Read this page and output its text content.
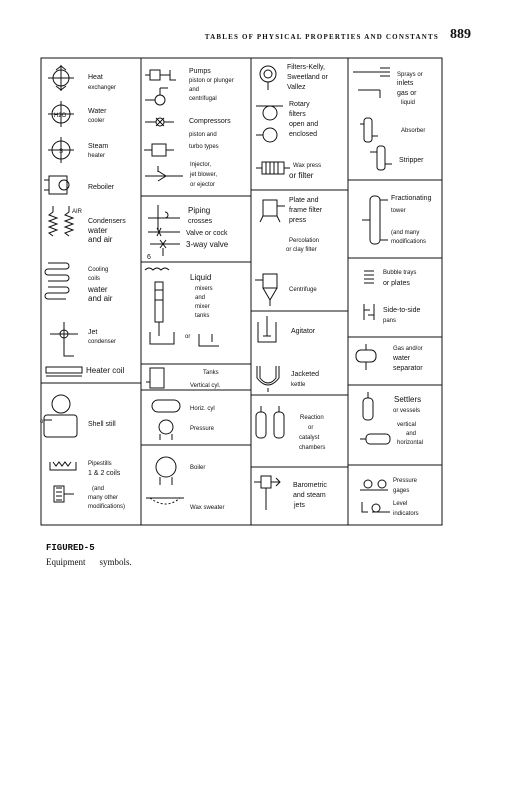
TABLES OF PHYSICAL PROPERTIES AND CONSTANTS 889
Heat
exchanger
H2O
Water
cooler
S
Steam
heater
Reboiler
AIR
Condensers
water
and air
Cooling
coils
water
and air
Jet
condenser
Heater coil
or	Shell still
Pipestills
1 & 2 coils
(and
many other
modifications)
Pumps
piston or plunger
and
centrifugal
Compressors
piston and
turbo types
Injector,
jet blower,
or ejector
Piping
crosses
Valve or cock
3-way valve
6
or
Liquid
mixers
and
mixer
tanks
Tanks
Vertical cyl.
Horiz. cyl
Pressure
Boiler
Wax sweater
Filters-Kelly,
Sweetland or
Vallez
Rotary
filters
open and
enclosed
Wax press
or filter
Plate and
frame filter
press
Percolation
or clay filter
Centrifuge
Agitator
Jacketed
kettle
Reaction
or
catalyst
chambers
Barometric
and steam
jets
Sprays or
inlets
gas or
liquid
Absorber
Stripper
Fractionating
tower
(and many
modifications
Bubble trays
or plates
Side-to-side
pans
Gas and/or
water
separator
Settlers
or vessels
vertical
and
horizontal
Pressure
gages
Level
indicators
FIGURED-5
Equipment symbols.
